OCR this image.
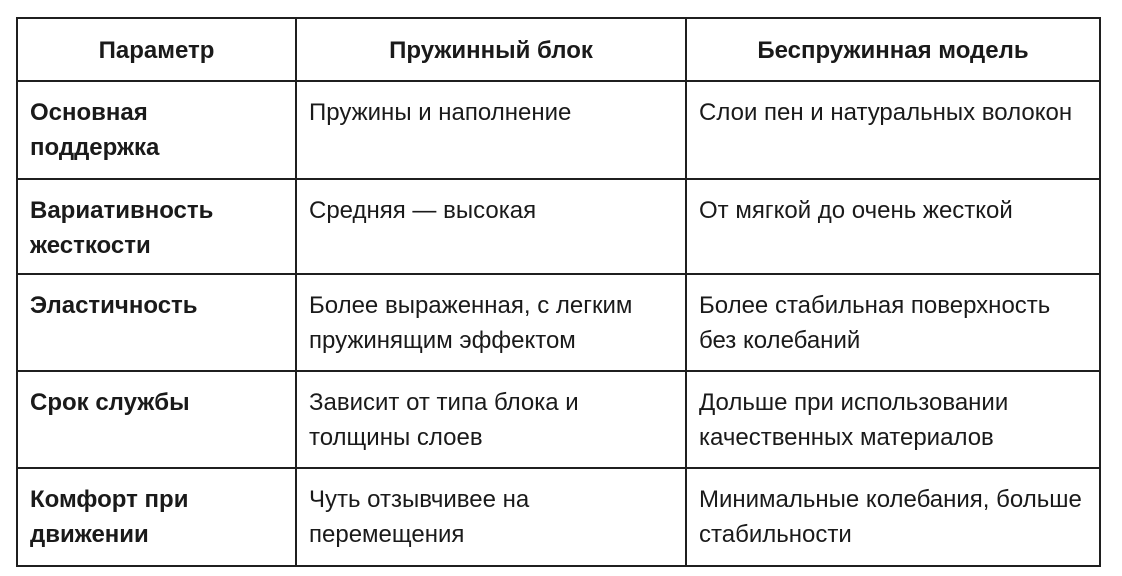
Параметр	Пружинный блок	Беспружинная модель
Основная поддержка	Пружины и наполнение	Слои пен и натуральных волокон
Вариативность жесткости	Средняя — высокая	От мягкой до очень жесткой
Эластичность	Более выраженная, с легким пружинящим эффектом	Более стабильная поверхность без колебаний
Срок службы	Зависит от типа блока и толщины слоев	Дольше при использовании качественных материалов
Комфорт при движении	Чуть отзывчивее на перемещения	Минимальные колебания, больше стабильности
